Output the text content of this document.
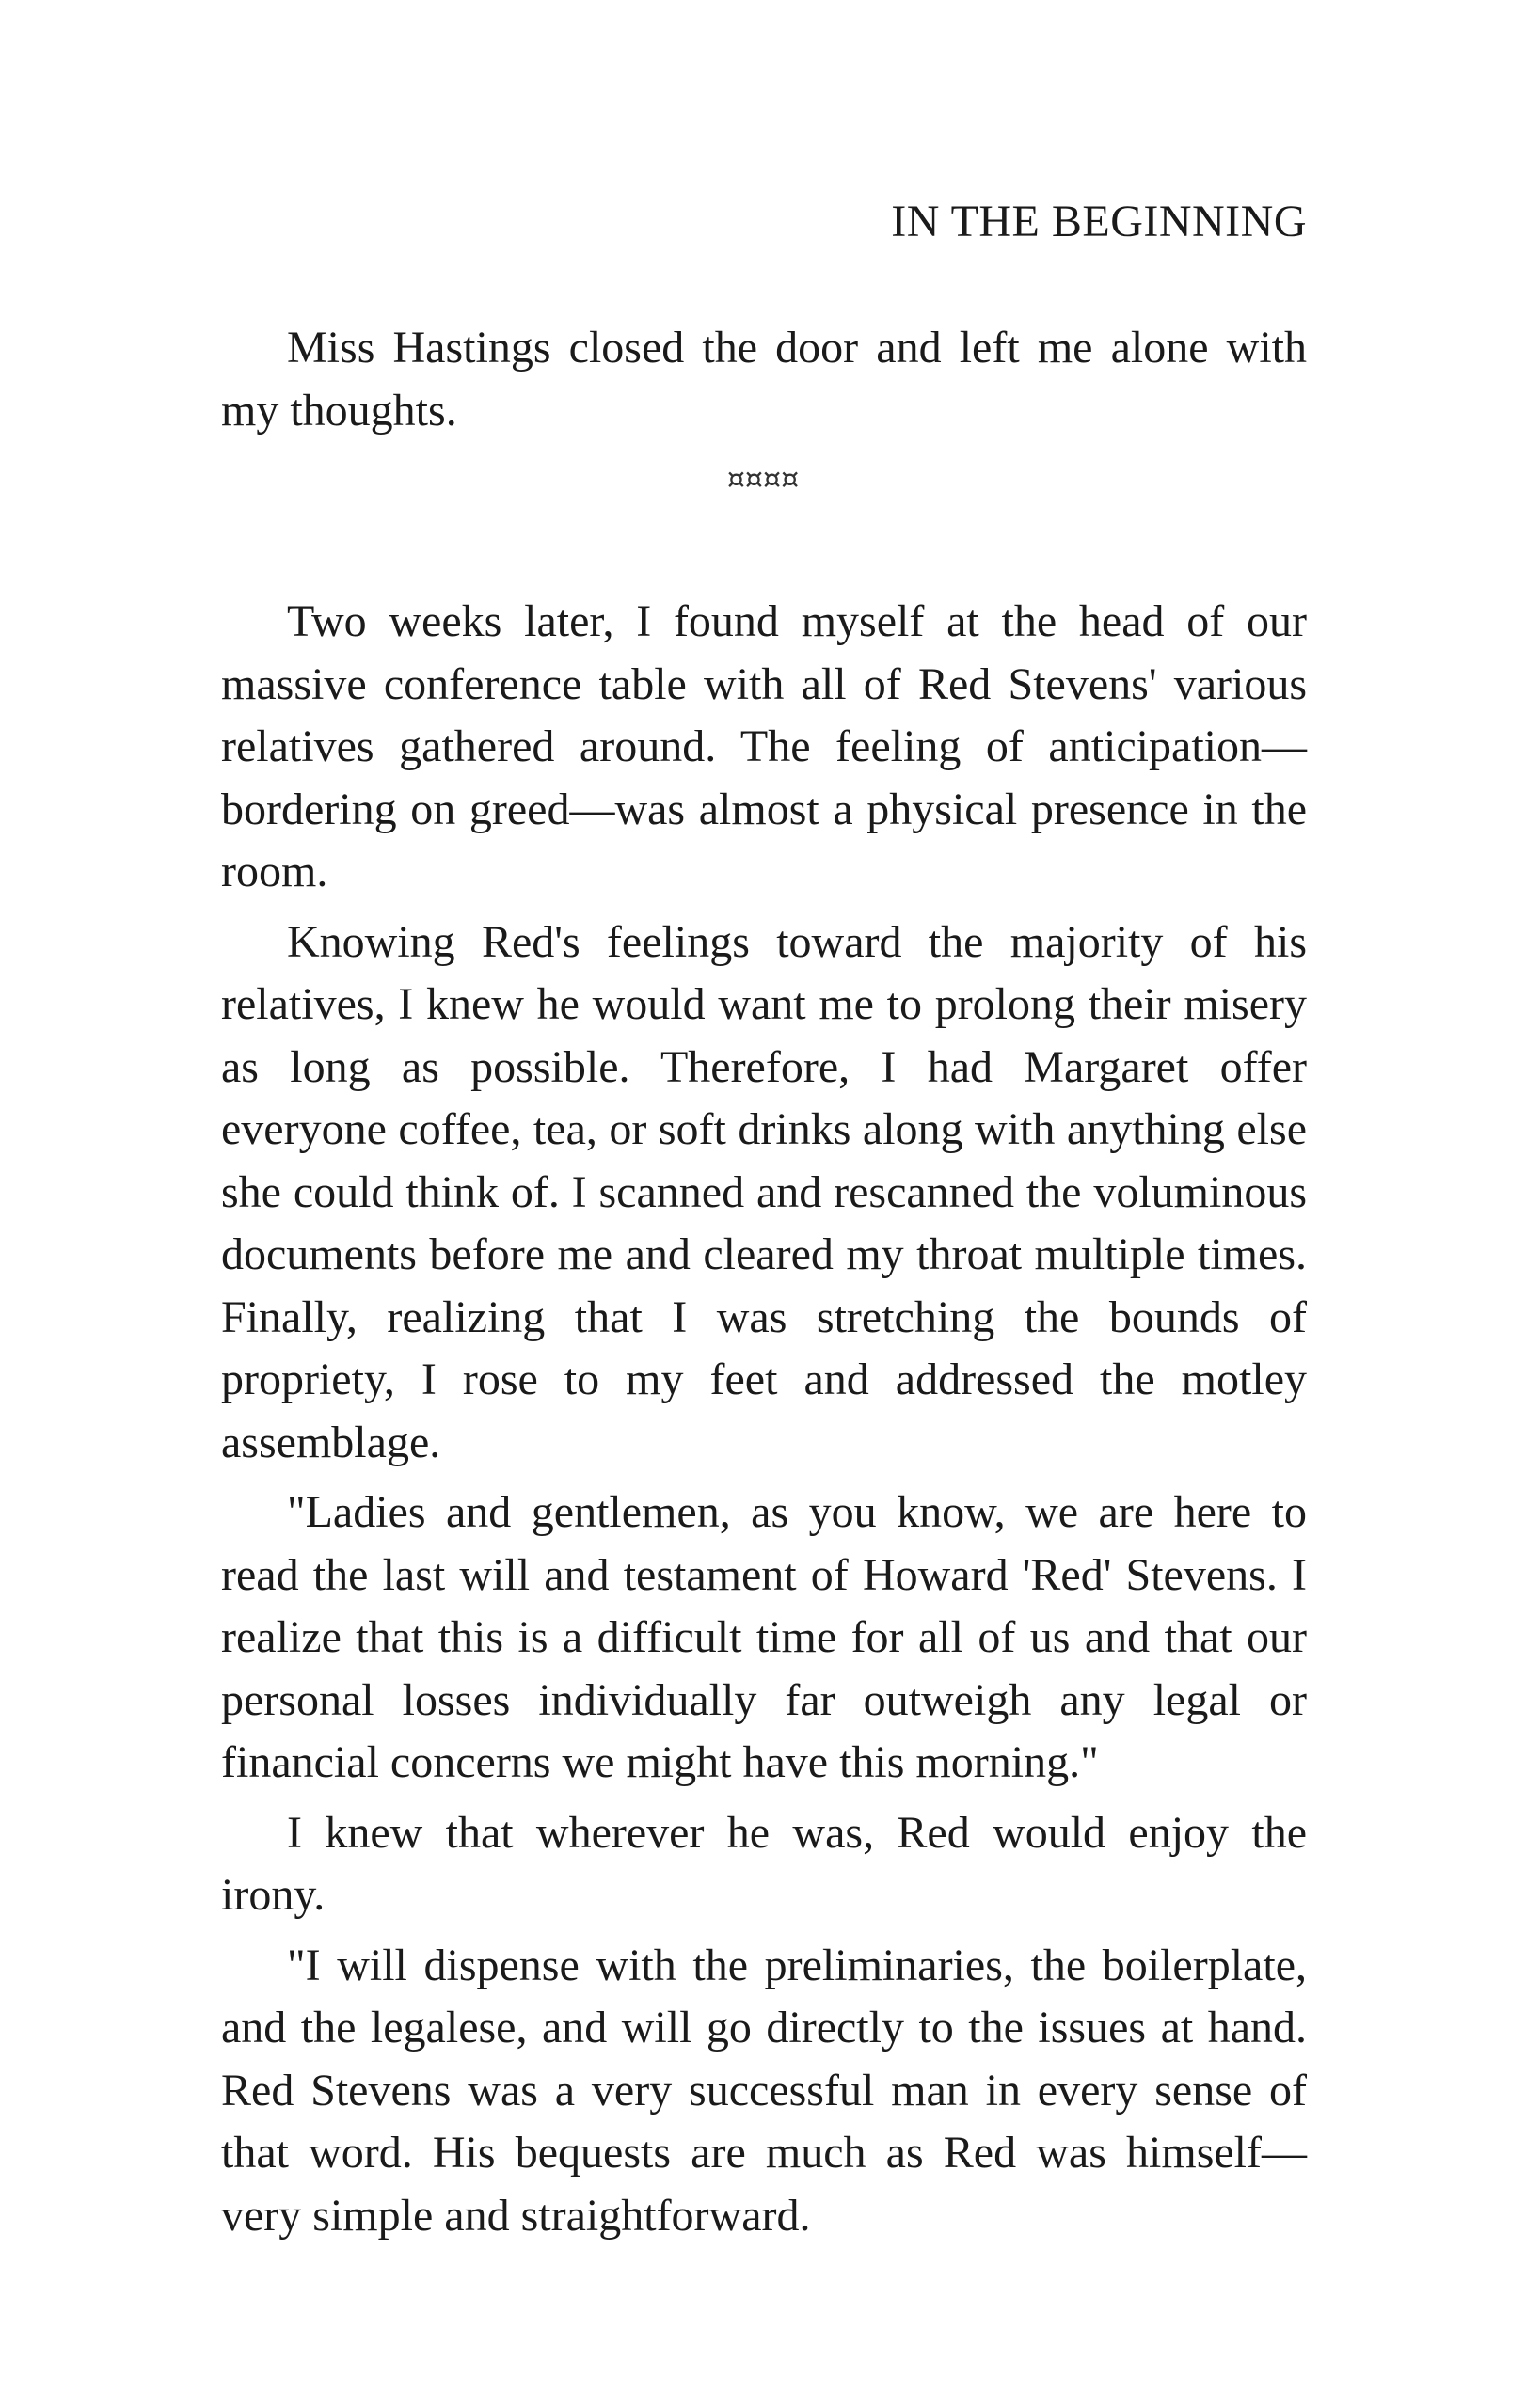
IN THE BEGINNING

Miss Hastings closed the door and left me alone with my thoughts.

¤¤¤¤

Two weeks later, I found myself at the head of our massive conference table with all of Red Stevens' various relatives gathered around. The feeling of anticipation—bordering on greed—was almost a physical presence in the room.

Knowing Red's feelings toward the majority of his relatives, I knew he would want me to prolong their misery as long as possible. Therefore, I had Margaret offer everyone coffee, tea, or soft drinks along with anything else she could think of. I scanned and rescanned the voluminous documents before me and cleared my throat multiple times. Finally, realizing that I was stretching the bounds of propriety, I rose to my feet and addressed the motley assemblage.

"Ladies and gentlemen, as you know, we are here to read the last will and testament of Howard 'Red' Stevens. I realize that this is a difficult time for all of us and that our personal losses individually far outweigh any legal or financial concerns we might have this morning."

I knew that wherever he was, Red would enjoy the irony.

"I will dispense with the preliminaries, the boilerplate, and the legalese, and will go directly to the issues at hand. Red Stevens was a very successful man in every sense of that word. His bequests are much as Red was himself—very simple and straightforward.
